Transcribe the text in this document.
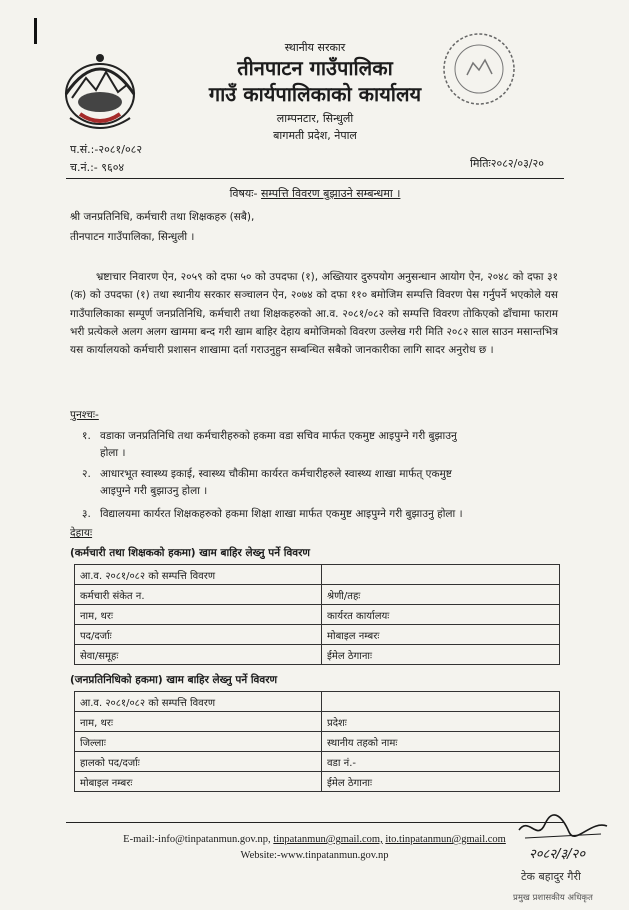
स्थानीय सरकार
तीनपाटन गाउँपालिका
गाउँ कार्यपालिकाको कार्यालय
लाम्पनटार, सिन्धुली
बागमती प्रदेश, नेपाल
प.सं.:-२०८१/०८२
च.नं.:- ९६०४	मितिः२०८२/०३/२०
विषयः- सम्पत्ति विवरण बुझाउने सम्बन्धमा ।
श्री जनप्रतिनिधि, कर्मचारी तथा शिक्षकहरु (सबै),
तीनपाटन गाउँपालिका, सिन्धुली ।
भ्रष्टाचार निवारण ऐन, २०५९ को दफा ५० को उपदफा (१), अख्तियार दुरुपयोग अनुसन्धान आयोग ऐन, २०४८ को दफा ३१ (क) को उपदफा (१) तथा स्थानीय सरकार सञ्चालन ऐन, २०७४ को दफा ११० बमोजिम सम्पत्ति विवरण पेस गर्नुपर्ने भएकोले यस गाउँपालिकाका सम्पूर्ण जनप्रतिनिधि, कर्मचारी तथा शिक्षकहरुको आ.व. २०८१/०८२ को सम्पत्ति विवरण तोकिएको ढाँचामा फाराम भरी प्रत्येकले अलग अलग खाममा बन्द गरी खाम बाहिर देहाय बमोजिमको विवरण उल्लेख गरी मिति २०८२ साल साउन मसान्तभित्र यस कार्यालयको कर्मचारी प्रशासन शाखामा दर्ता गराउनुहुन सम्बन्धित सबैको जानकारीका लागि सादर अनुरोध छ ।
पुनश्चः-
१. वडाका जनप्रतिनिधि तथा कर्मचारीहरुको हकमा वडा सचिव मार्फत एकमुष्ट आइपुग्ने गरी बुझाउनु
होला ।
२. आधारभूत स्वास्थ्य इकाई, स्वास्थ्य चौकीमा कार्यरत कर्मचारीहरुले स्वास्थ्य शाखा मार्फत् एकमुष्ट
आइपुग्ने गरी बुझाउनु होला ।
३. विद्यालयमा कार्यरत शिक्षकहरुको हकमा शिक्षा शाखा मार्फत एकमुष्ट आइपुग्ने गरी बुझाउनु होला ।
देहायः
(कर्मचारी तथा शिक्षकको हकमा) खाम बाहिर लेख्नु पर्ने विवरण
आ.व. २०८१/०८२ को सम्पत्ति विवरण	
कर्मचारी संकेत न.	श्रेणी/तहः
नाम, थरः	कार्यरत कार्यालयः
पद/दर्जाः	मोबाइल नम्बरः
सेवा/समूहः	ईमेल ठेगानाः
(जनप्रतिनिधिको हकमा) खाम बाहिर लेख्नु पर्ने विवरण
आ.व. २०८१/०८२ को सम्पत्ति विवरण	
नाम, थरः	प्रदेशः
जिल्लाः	स्थानीय तहको नामः
हालको पद/दर्जाः	वडा नं.-
मोबाइल नम्बरः	ईमेल ठेगानाः
E-mail:-info@tinpatanmun.gov.np, tinpatanmun@gmail.com, ito.tinpatanmun@gmail.com
Website:-www.tinpatanmun.gov.np	२०८२/३/२०
टेक बहादुर गैरी
प्रमुख प्रशासकीय अधिकृत
